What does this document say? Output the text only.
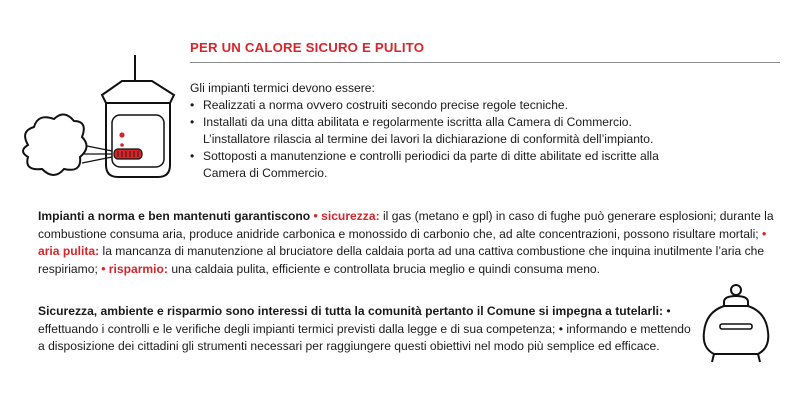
PER UN CALORE SICURO E PULITO
Gli impianti termici devono essere:
• Realizzati a norma ovvero costruiti secondo precise regole tecniche.
• Installati da una ditta abilitata e regolarmente iscritta alla Camera di Commercio.
L’installatore rilascia al termine dei lavori la dichiarazione di conformità dell’impianto.
• Sottoposti a manutenzione e controlli periodici da parte di ditte abilitate ed iscritte alla Camera di Commercio.

Impianti a norma e ben mantenuti garantiscono • sicurezza: il gas (metano e gpl) in caso di fughe può generare esplosioni; durante la combustione consuma aria, produce anidride carbonica e monossido di carbonio che, ad alte concentrazioni, possono risultare mortali; • aria pulita: la mancanza di manutenzione al bruciatore della caldaia porta ad una cattiva combustione che inquina inutilmente l’aria che respiriamo; • risparmio: una caldaia pulita, efficiente e controllata brucia meglio e quindi consuma meno.

Sicurezza, ambiente e risparmio sono interessi di tutta la comunità pertanto il Comune si impegna a tutelarli: • effettuando i controlli e le verifiche degli impianti termici previsti dalla legge e di sua competenza; • informando e mettendo a disposizione dei cittadini gli strumenti necessari per raggiungere questi obiettivi nel modo più semplice ed efficace.
